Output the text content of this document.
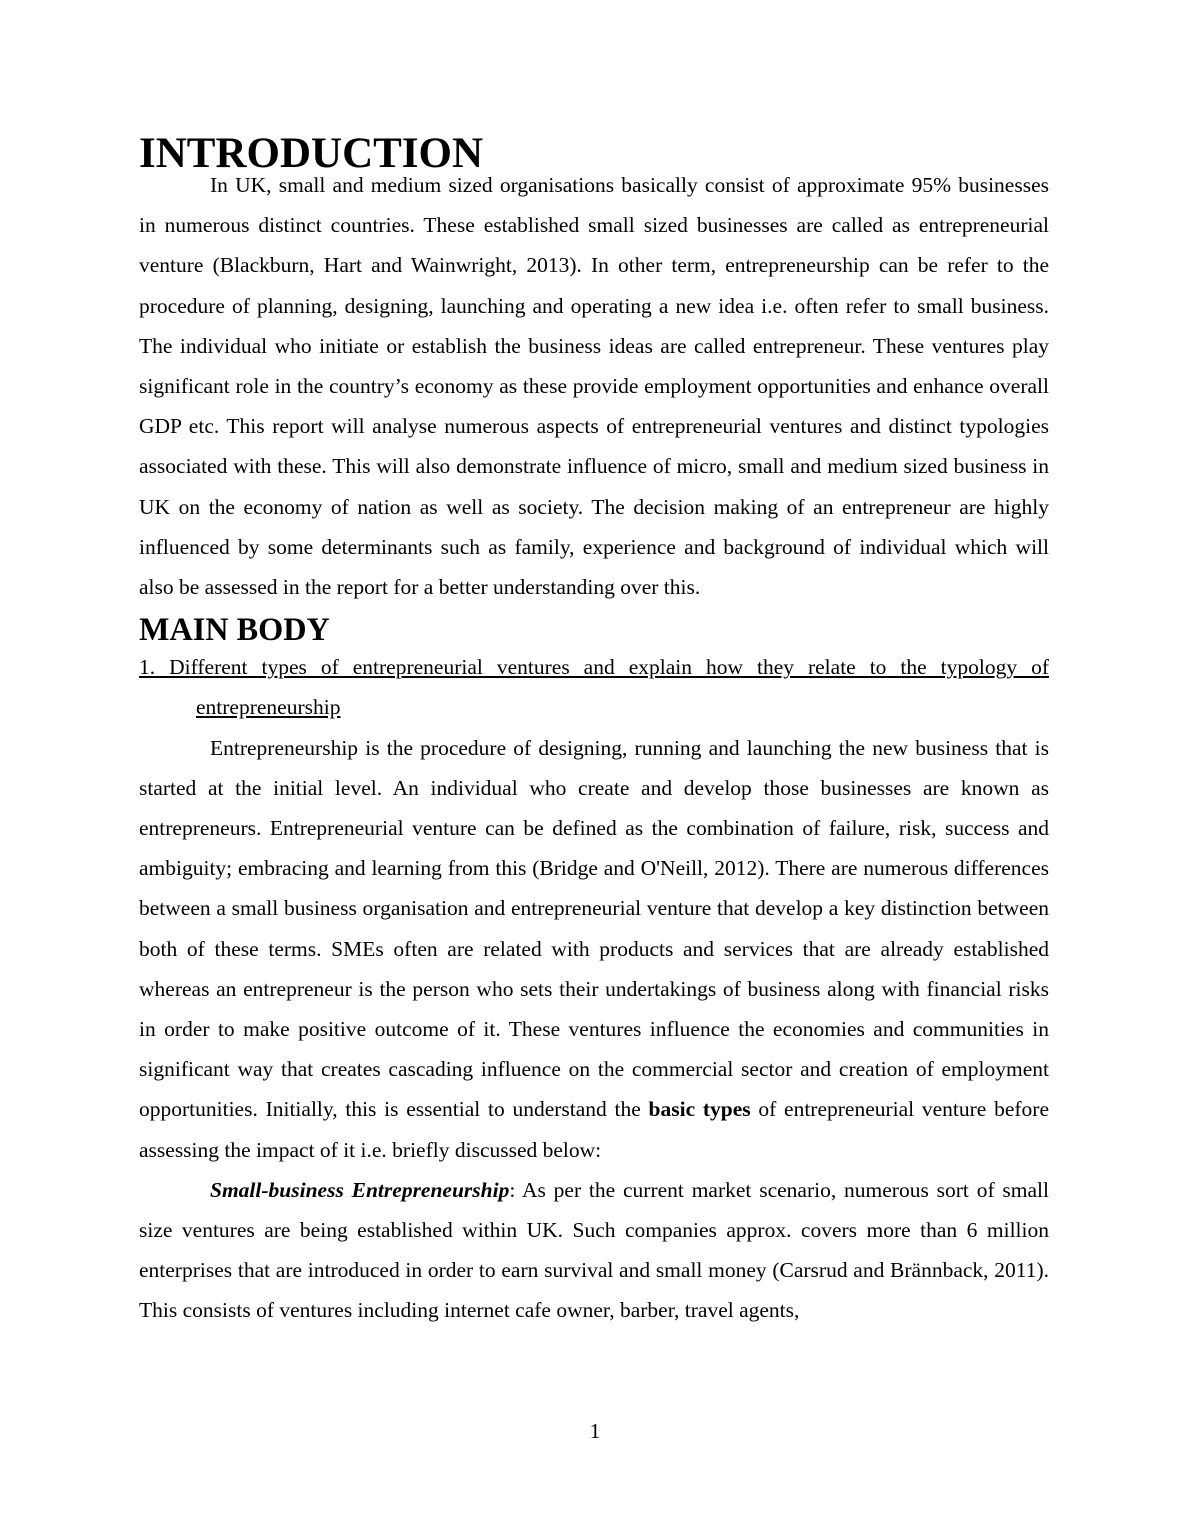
INTRODUCTION

In UK, small and medium sized organisations basically consist of approximate 95% businesses in numerous distinct countries. These established small sized businesses are called as entrepreneurial venture (Blackburn, Hart and Wainwright, 2013). In other term, entrepreneurship can be refer to the procedure of planning, designing, launching and operating a new idea i.e. often refer to small business. The individual who initiate or establish the business ideas are called entrepreneur. These ventures play significant role in the country’s economy as these provide employment opportunities and enhance overall GDP etc. This report will analyse numerous aspects of entrepreneurial ventures and distinct typologies associated with these. This will also demonstrate influence of micro, small and medium sized business in UK on the economy of nation as well as society. The decision making of an entrepreneur are highly influenced by some determinants such as family, experience and background of individual which will also be assessed in the report for a better understanding over this.

MAIN BODY

1. Different types of entrepreneurial ventures and explain how they relate to the typology of entrepreneurship

Entrepreneurship is the procedure of designing, running and launching the new business that is started at the initial level. An individual who create and develop those businesses are known as entrepreneurs. Entrepreneurial venture can be defined as the combination of failure, risk, success and ambiguity; embracing and learning from this (Bridge and O'Neill, 2012). There are numerous differences between a small business organisation and entrepreneurial venture that develop a key distinction between both of these terms. SMEs often are related with products and services that are already established whereas an entrepreneur is the person who sets their undertakings of business along with financial risks in order to make positive outcome of it. These ventures influence the economies and communities in significant way that creates cascading influence on the commercial sector and creation of employment opportunities. Initially, this is essential to understand the basic types of entrepreneurial venture before assessing the impact of it i.e. briefly discussed below:

Small-business Entrepreneurship: As per the current market scenario, numerous sort of small size ventures are being established within UK. Such companies approx. covers more than 6 million enterprises that are introduced in order to earn survival and small money (Carsrud and Brännback, 2011). This consists of ventures including internet cafe owner, barber, travel agents,

1
